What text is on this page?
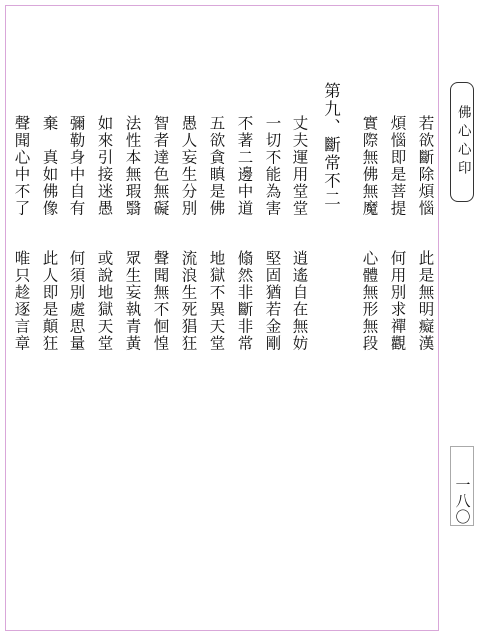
若欲斷除煩惱
此是無明癡漢
煩惱即是菩提
何用別求禪觀
實際無佛無魔
心體無形無段
第九、斷常不二
丈夫運用堂堂
逍遙自在無妨
一切不能為害
堅固猶若金剛
不著二邊中道
翛然非斷非常
五欲貪瞋是佛
地獄不異天堂
愚人妄生分別
流浪生死猖狂
智者達色無礙
聲聞無不恛惶
法性本無瑕翳
眾生妄執青黃
如來引接迷愚
或說地獄天堂
彌勒身中自有
何須別處思量
棄　真如佛像
此人即是顛狂
聲聞心中不了
唯只趁逐言章
佛心心印
一八〇
